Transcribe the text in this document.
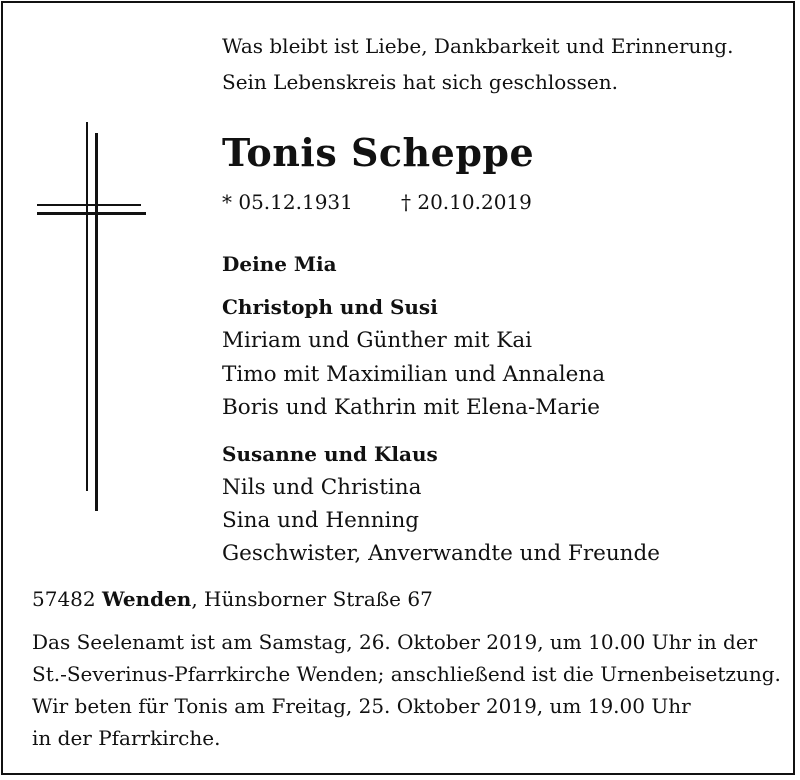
Was bleibt ist Liebe, Dankbarkeit und Erinnerung.
Sein Lebenskreis hat sich geschlossen.
Tonis Scheppe
* 05.12.1931 † 20.10.2019
Deine Mia
Christoph und Susi
Miriam und Günther mit Kai
Timo mit Maximilian und Annalena
Boris und Kathrin mit Elena-Marie
Susanne und Klaus
Nils und Christina
Sina und Henning
Geschwister, Anverwandte und Freunde
57482 Wenden, Hünsborner Straße 67
Das Seelenamt ist am Samstag, 26. Oktober 2019, um 10.00 Uhr in der
St.-Severinus-Pfarrkirche Wenden; anschließend ist die Urnenbeisetzung.
Wir beten für Tonis am Freitag, 25. Oktober 2019, um 19.00 Uhr
in der Pfarrkirche.
